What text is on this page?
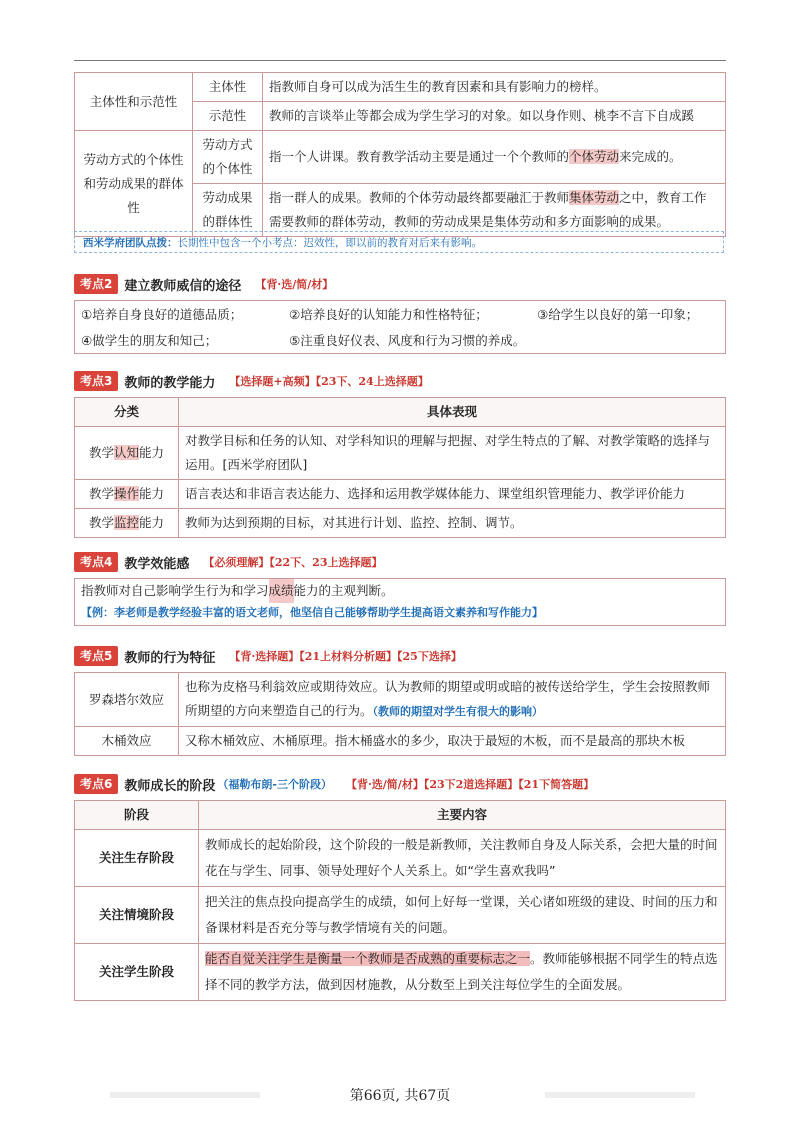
主体性和示范性	主体性	指教师自身可以成为活生生的教育因素和具有影响力的榜样。
	示范性	教师的言谈举止等都会成为学生学习的对象。如以身作则、桃李不言下自成蹊
劳动方式的个体性和劳动成果的群体性	劳动方式的个体性	指一个人讲课。教育教学活动主要是通过一个个教师的个体劳动来完成的。
	劳动成果的群体性	指一群人的成果。教师的个体劳动最终都要融汇于教师集体劳动之中，教育工作需要教师的群体劳动，教师的劳动成果是集体劳动和多方面影响的成果。
西米学府团队点拨：长期性中包含一个小考点：迟效性，即以前的教育对后来有影响。
考点2 建立教师威信的途径 【背·选/简/材】
①培养自身良好的道德品质；	②培养良好的认知能力和性格特征；	③给学生以良好的第一印象；
④做学生的朋友和知己；	⑤注重良好仪表、风度和行为习惯的养成。
考点3 教师的教学能力 【选择题+高频】【23下、24上选择题】
分类	具体表现
教学认知能力	对教学目标和任务的认知、对学科知识的理解与把握、对学生特点的了解、对教学策略的选择与运用。[西米学府团队]
教学操作能力	语言表达和非语言表达能力、选择和运用教学媒体能力、课堂组织管理能力、教学评价能力
教学监控能力	教师为达到预期的目标，对其进行计划、监控、控制、调节。
考点4 教学效能感 【必须理解】【22下、23上选择题】
指教师对自己影响学生行为和学习成绩能力的主观判断。
【例：李老师是教学经验丰富的语文老师，他坚信自己能够帮助学生提高语文素养和写作能力】
考点5 教师的行为特征 【背·选择题】【21上材料分析题】【25下选择】
罗森塔尔效应	也称为皮格马利翁效应或期待效应。认为教师的期望或明或暗的被传送给学生，学生会按照教师所期望的方向来塑造自己的行为。（教师的期望对学生有很大的影响）
木桶效应	又称木桶效应、木桶原理。指木桶盛水的多少，取决于最短的木板，而不是最高的那块木板
考点6 教师成长的阶段 （福勒布朗-三个阶段） 【背·选/简/材】【23下2道选择题】【21下简答题】
阶段	主要内容
关注生存阶段	教师成长的起始阶段，这个阶段的一般是新教师，关注教师自身及人际关系，会把大量的时间花在与学生、同事、领导处理好个人关系上。如“学生喜欢我吗”
关注情境阶段	把关注的焦点投向提高学生的成绩，如何上好每一堂课，关心诸如班级的建设、时间的压力和备课材料是否充分等与教学情境有关的问题。
关注学生阶段	能否自觉关注学生是衡量一个教师是否成熟的重要标志之一。教师能够根据不同学生的特点选择不同的教学方法，做到因材施教，从分数至上到关注每位学生的全面发展。
第66页, 共67页
